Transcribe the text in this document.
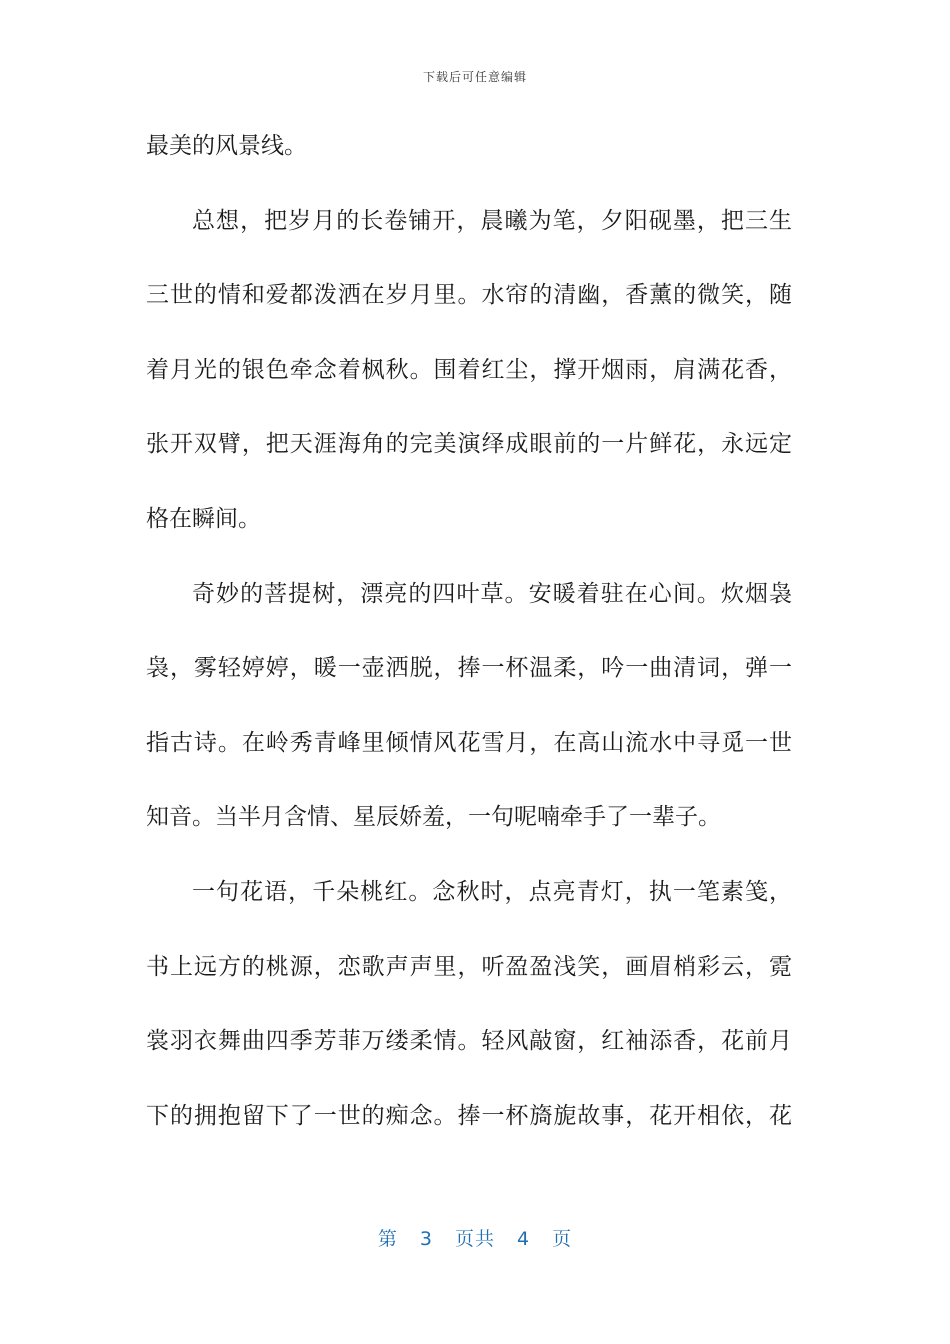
下载后可任意编辑
最美的风景线。
总想，把岁月的长卷铺开，晨曦为笔，夕阳砚墨，把三生
三世的情和爱都泼洒在岁月里。水帘的清幽，香薰的微笑，随
着月光的银色牵念着枫秋。围着红尘，撑开烟雨，肩满花香，
张开双臂，把天涯海角的完美演绎成眼前的一片鲜花，永远定
格在瞬间。
奇妙的菩提树，漂亮的四叶草。安暖着驻在心间。炊烟袅
袅，雾轻婷婷，暖一壶洒脱，捧一杯温柔，吟一曲清词，弹一
指古诗。在岭秀青峰里倾情风花雪月，在高山流水中寻觅一世
知音。当半月含情、星辰娇羞，一句呢喃牵手了一辈子。
一句花语，千朵桃红。念秋时，点亮青灯，执一笔素笺，
书上远方的桃源，恋歌声声里，听盈盈浅笑，画眉梢彩云，霓
裳羽衣舞曲四季芳菲万缕柔情。轻风敲窗，红袖添香，花前月
下的拥抱留下了一世的痴念。捧一杯旖旎故事，花开相依，花
第 3 页共 4 页
